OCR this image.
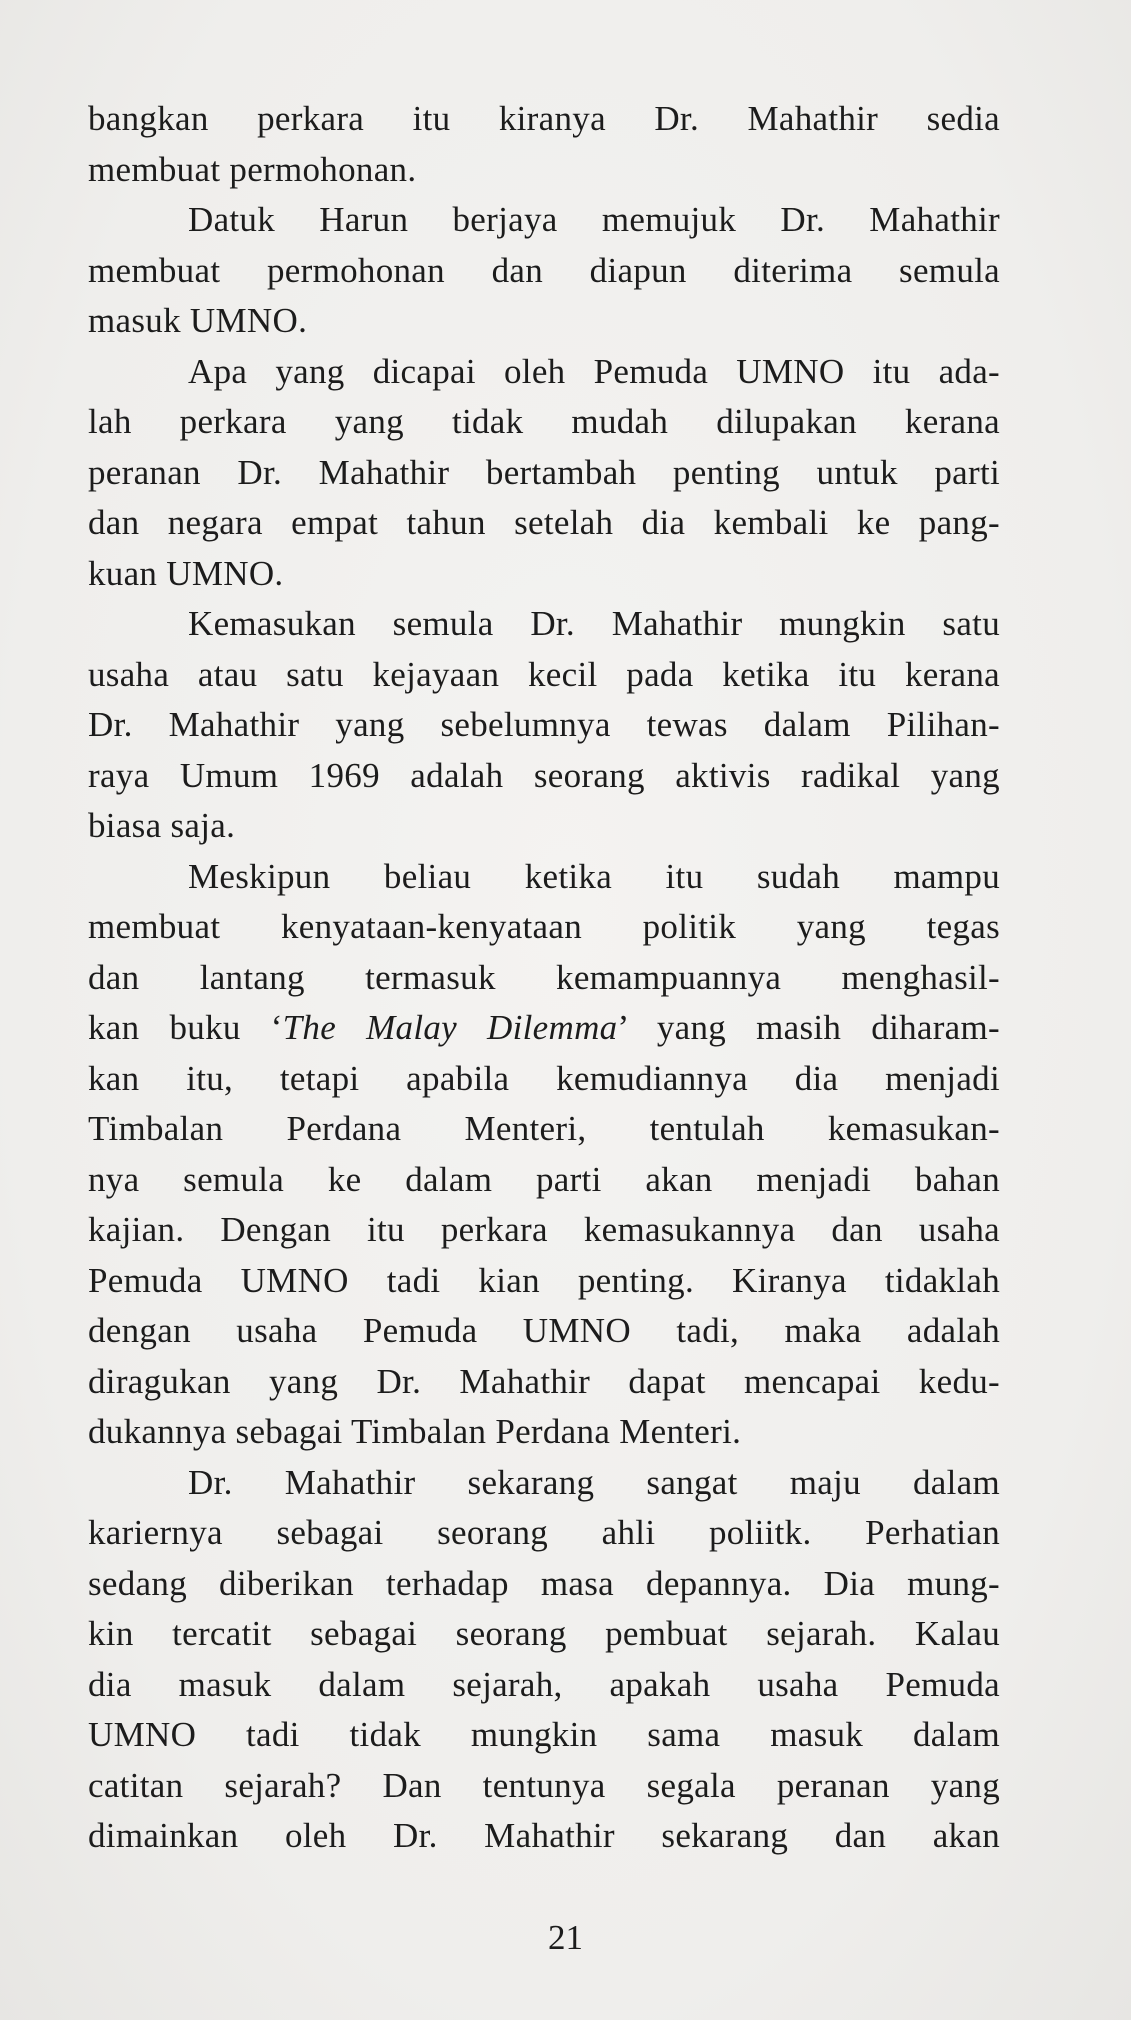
bangkan perkara itu kiranya Dr. Mahathir sedia
membuat permohonan.

Datuk Harun berjaya memujuk Dr. Mahathir
membuat permohonan dan diapun diterima semula
masuk UMNO.

Apa yang dicapai oleh Pemuda UMNO itu ada-
lah perkara yang tidak mudah dilupakan kerana
peranan Dr. Mahathir bertambah penting untuk parti
dan negara empat tahun setelah dia kembali ke pang-
kuan UMNO.

Kemasukan semula Dr. Mahathir mungkin satu
usaha atau satu kejayaan kecil pada ketika itu kerana
Dr. Mahathir yang sebelumnya tewas dalam Pilihan-
raya Umum 1969 adalah seorang aktivis radikal yang
biasa saja.

Meskipun beliau ketika itu sudah mampu
membuat kenyataan-kenyataan politik yang tegas
dan lantang termasuk kemampuannya menghasil-
kan buku ‘The Malay Dilemma’ yang masih diharam-
kan itu, tetapi apabila kemudiannya dia menjadi
Timbalan Perdana Menteri, tentulah kemasukan-
nya semula ke dalam parti akan menjadi bahan
kajian. Dengan itu perkara kemasukannya dan usaha
Pemuda UMNO tadi kian penting. Kiranya tidaklah
dengan usaha Pemuda UMNO tadi, maka adalah
diragukan yang Dr. Mahathir dapat mencapai kedu-
dukannya sebagai Timbalan Perdana Menteri.

Dr. Mahathir sekarang sangat maju dalam
kariernya sebagai seorang ahli poliitk. Perhatian
sedang diberikan terhadap masa depannya. Dia mung-
kin tercatit sebagai seorang pembuat sejarah. Kalau
dia masuk dalam sejarah, apakah usaha Pemuda
UMNO tadi tidak mungkin sama masuk dalam
catitan sejarah? Dan tentunya segala peranan yang
dimainkan oleh Dr. Mahathir sekarang dan akan

21
